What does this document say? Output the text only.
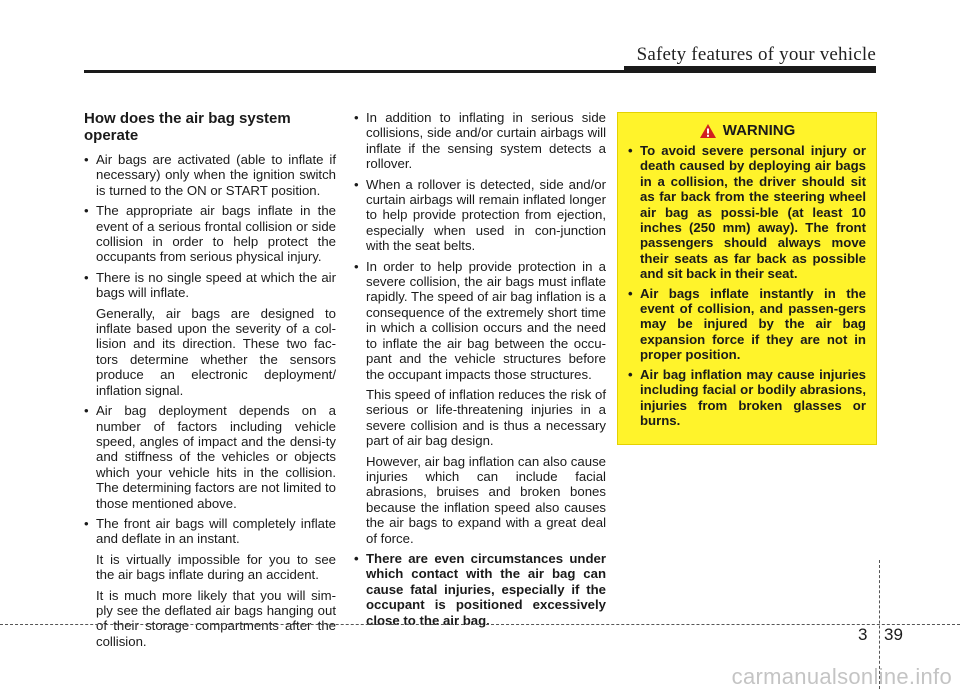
Safety features of your vehicle
How does the air bag system operate
• Air bags are activated (able to inflate if necessary) only when the ignition switch is turned to the ON or START position.
• The appropriate air bags inflate in the event of a serious frontal collision or side collision in order to help protect the occupants from serious physical injury.
• There is no single speed at which the air bags will inflate.

Generally, air bags are designed to inflate based upon the severity of a col-lision and its direction. These two fac-tors determine whether the sensors produce an electronic deployment/ inflation signal.

• Air bag deployment depends on a number of factors including vehicle speed, angles of impact and the densi-ty and stiffness of the vehicles or objects which your vehicle hits in the collision. The determining factors are not limited to those mentioned above.
• The front air bags will completely inflate and deflate in an instant.

It is virtually impossible for you to see the air bags inflate during an accident.

It is much more likely that you will sim-ply see the deflated air bags hanging out of their storage compartments after the collision.

• In addition to inflating in serious side collisions, side and/or curtain airbags will inflate if the sensing system detects a rollover.
• When a rollover is detected, side and/or curtain airbags will remain inflated longer to help provide protection from ejection, especially when used in con-junction with the seat belts.
• In order to help provide protection in a severe collision, the air bags must inflate rapidly. The speed of air bag inflation is a consequence of the extremely short time in which a collision occurs and the need to inflate the air bag between the occu-pant and the vehicle structures before the occupant impacts those structures.

This speed of inflation reduces the risk of serious or life-threatening injuries in a severe collision and is thus a necessary part of air bag design.

However, air bag inflation can also cause injuries which can include facial abrasions, bruises and broken bones because the inflation speed also causes the air bags to expand with a great deal of force.

• There are even circumstances under which contact with the air bag can cause fatal injuries, especially if the occupant is positioned excessively close to the air bag.
WARNING
• To avoid severe personal injury or death caused by deploying air bags in a collision, the driver should sit as far back from the steering wheel air bag as possi-ble (at least 10 inches (250 mm) away). The front passengers should always move their seats as far back as possible and sit back in their seat.
• Air bags inflate instantly in the event of collision, and passen-gers may be injured by the air bag expansion force if they are not in proper position.
• Air bag inflation may cause injuries including facial or bodily abrasions, injuries from broken glasses or burns.
3 39
carmanualsonline.info
